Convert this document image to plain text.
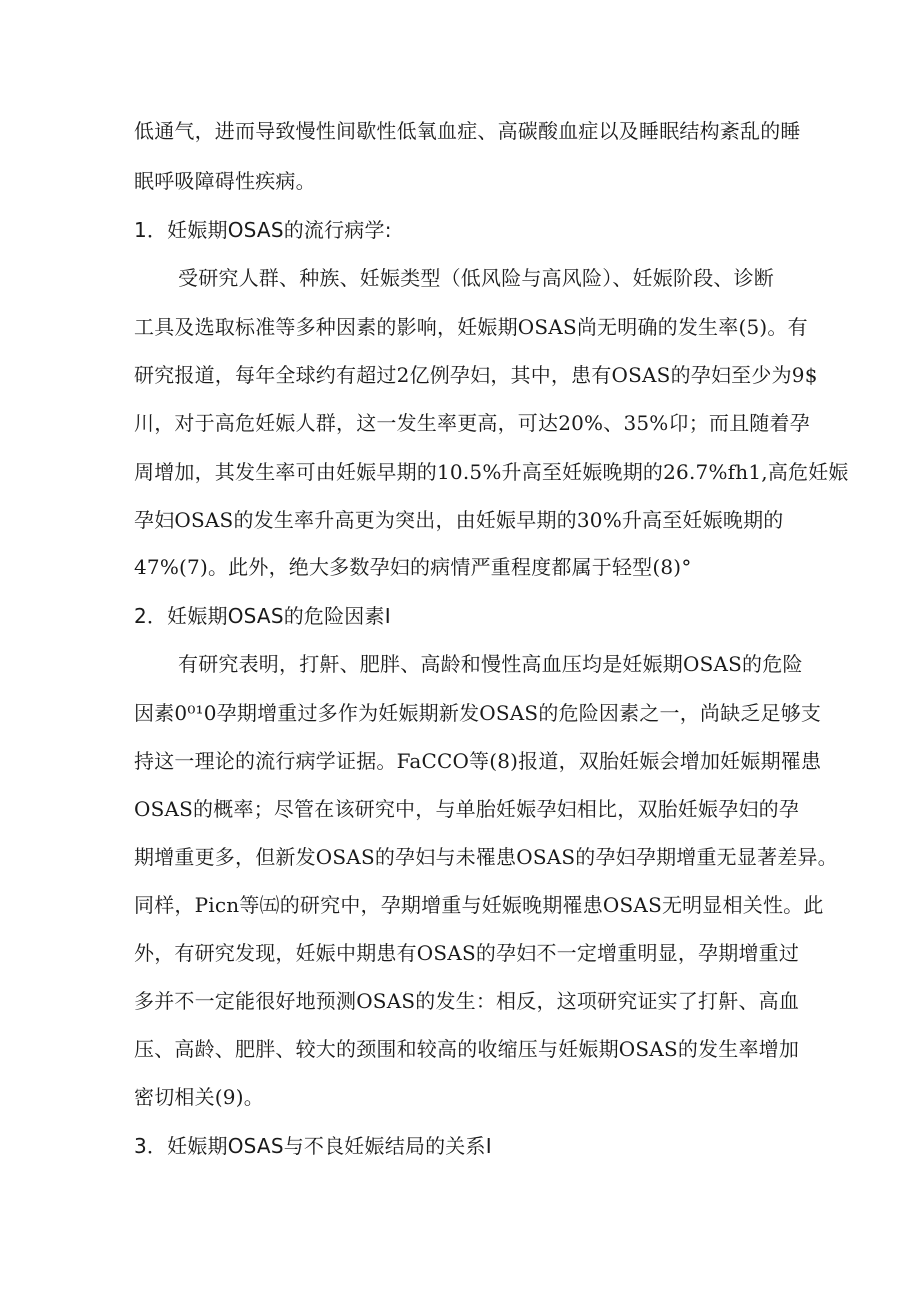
低通气，进而导致慢性间歇性低氧血症、高碳酸血症以及睡眠结构紊乱的睡
眠呼吸障碍性疾病。
1．妊娠期OSAS的流行病学:
受研究人群、种族、妊娠类型（低风险与高风险）、妊娠阶段、诊断
工具及选取标准等多种因素的影响，妊娠期OSAS尚无明确的发生率(5)。有
研究报道，每年全球约有超过2亿例孕妇，其中，患有OSAS的孕妇至少为9$
川，对于高危妊娠人群，这一发生率更高，可达20%、35%卬；而且随着孕
周增加，其发生率可由妊娠早期的10.5%升高至妊娠晚期的26.7%fh1,高危妊娠
孕妇OSAS的发生率升高更为突出，由妊娠早期的30%升高至妊娠晚期的
47%(7)。此外，绝大多数孕妇的病情严重程度都属于轻型(8)°
2．妊娠期OSAS的危险因素I
有研究表明，打鼾、肥胖、高龄和慢性高血压均是妊娠期OSAS的危险
因素0⁰¹0孕期增重过多作为妊娠期新发OSAS的危险因素之一，尚缺乏足够支
持这一理论的流行病学证据。FaCCO等(8)报道，双胎妊娠会增加妊娠期罹患
OSAS的概率；尽管在该研究中，与单胎妊娠孕妇相比，双胎妊娠孕妇的孕
期增重更多，但新发OSAS的孕妇与未罹患OSAS的孕妇孕期增重无显著差异。
同样，Picn等㈤的研究中，孕期增重与妊娠晚期罹患OSAS无明显相关性。此
外，有研究发现，妊娠中期患有OSAS的孕妇不一定增重明显，孕期增重过
多并不一定能很好地预测OSAS的发生：相反，这项研究证实了打鼾、高血
压、高龄、肥胖、较大的颈围和较高的收缩压与妊娠期OSAS的发生率增加
密切相关(9)。
3．妊娠期OSAS与不良妊娠结局的关系I
